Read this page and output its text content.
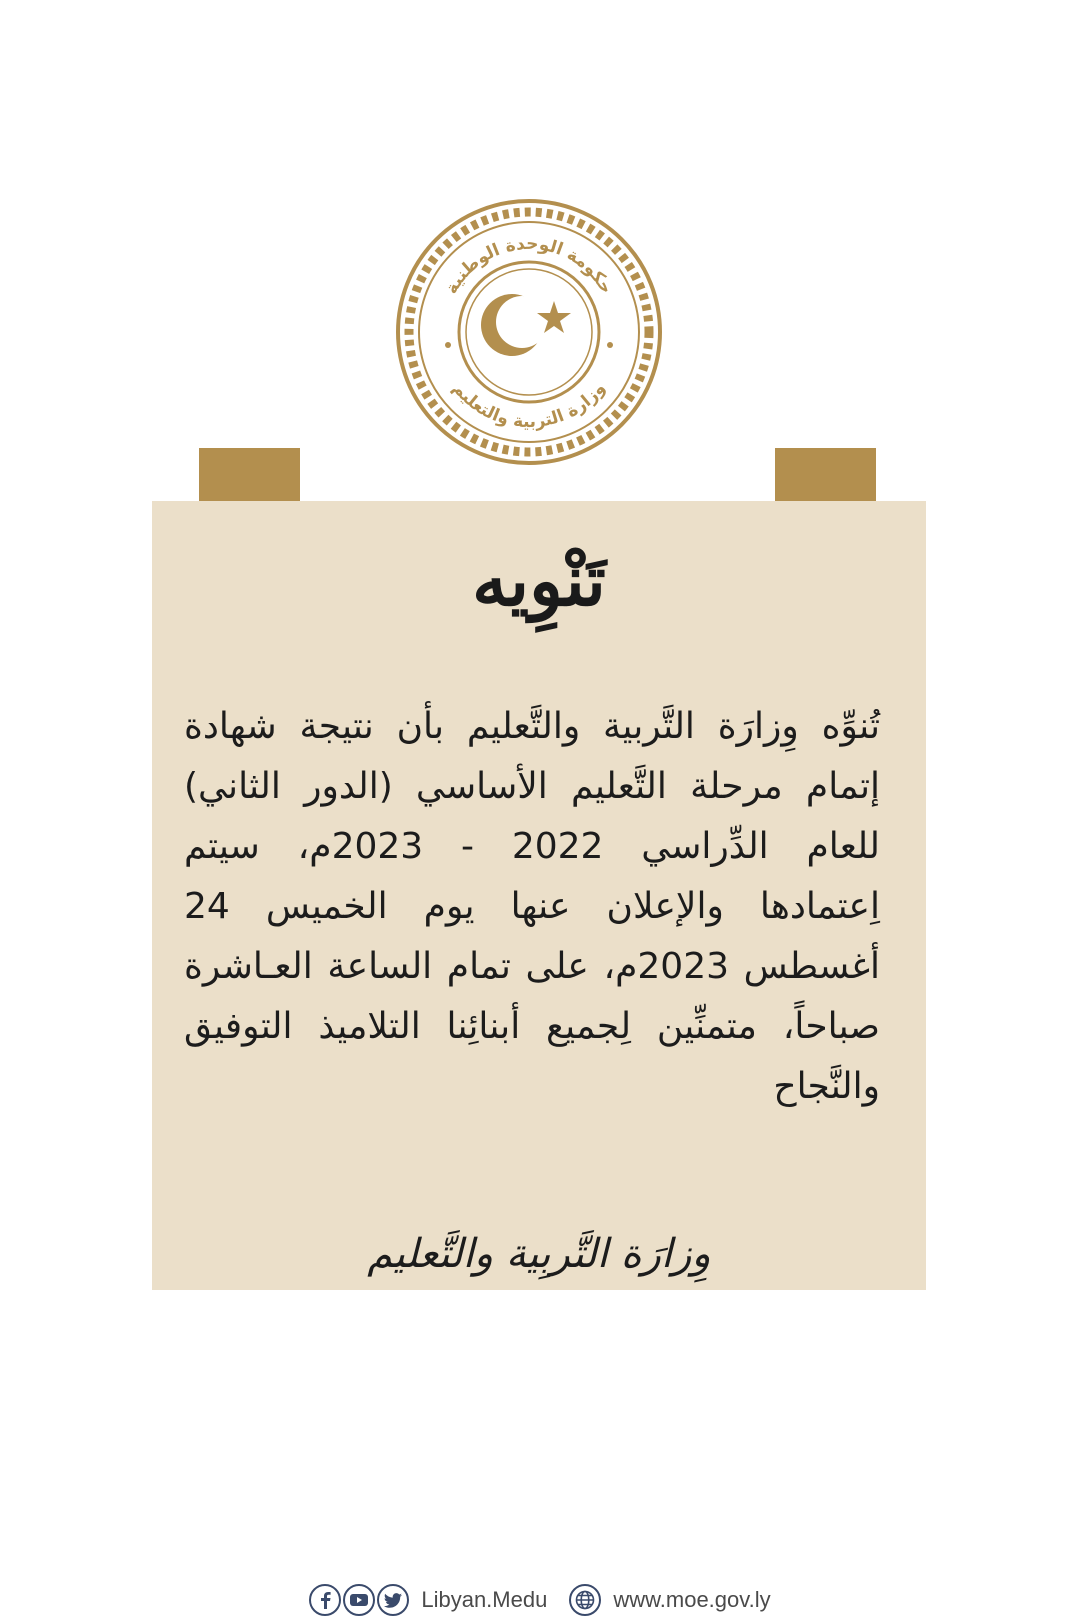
حكومة الوحدة الوطنية
وزارة التربية والتعليم
تَنْوِيه
تُنوِّه وِزارَة التَّربية والتَّعليم بأن نتيجة شهادة إتمام مرحلة التَّعليم الأساسي (الدور الثاني) للعام الدِّراسي 2022 - 2023م، سيتم اِعتمادها والإعلان عنها يوم الخميس 24 أغسطس 2023م، على تمام الساعة العـاشرة صباحاً، متمنِّين لِجميع أبنائِنا التلاميذ التوفيق والنَّجاح
وِزارَة التَّربِية والتَّعليم
Libyan.Medu	www.moe.gov.ly
